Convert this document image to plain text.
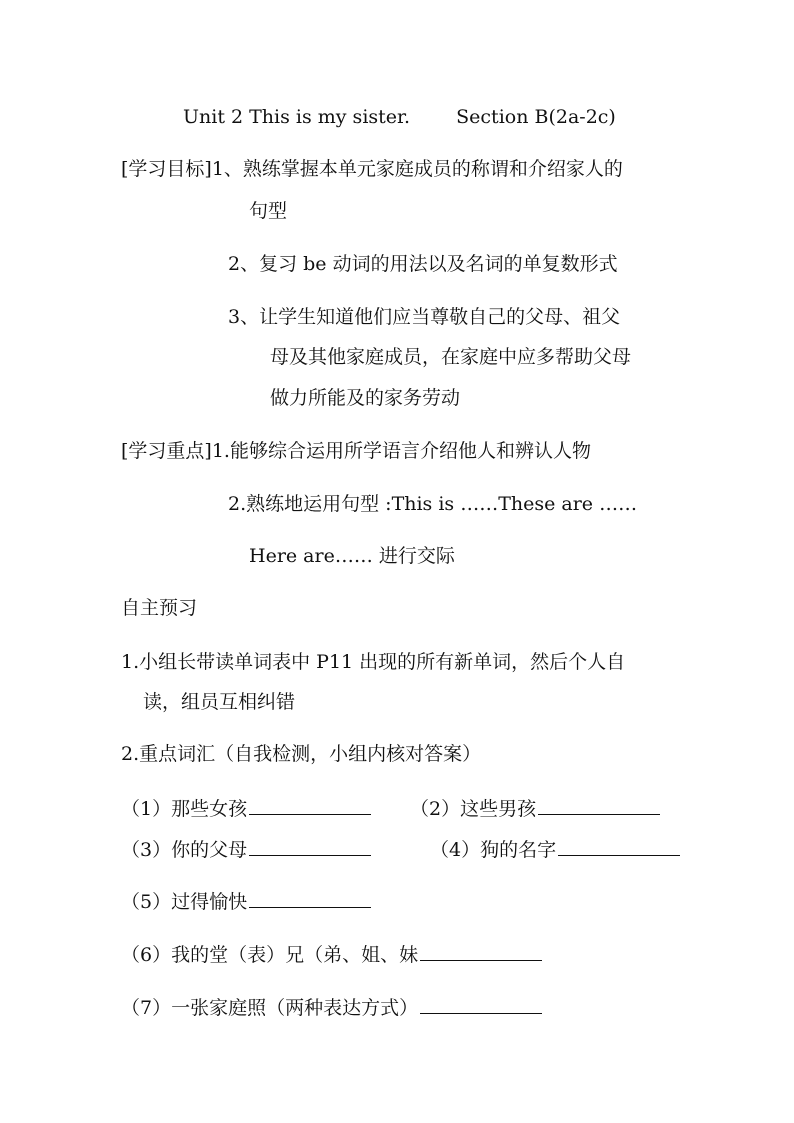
Unit 2 This is my sister. Section B(2a-2c)
[学习目标]1、熟练掌握本单元家庭成员的称谓和介绍家人的
句型
2、复习 be 动词的用法以及名词的单复数形式
3、让学生知道他们应当尊敬自己的父母、祖父
母及其他家庭成员，在家庭中应多帮助父母
做力所能及的家务劳动
[学习重点]1.能够综合运用所学语言介绍他人和辨认人物
2.熟练地运用句型 :This is ……These are ……
Here are…… 进行交际
自主预习
1.小组长带读单词表中 P11 出现的所有新单词，然后个人自
读，组员互相纠错
2.重点词汇（自我检测，小组内核对答案）
（1）那些女孩	（2）这些男孩
（3）你的父母	（4）狗的名字
（5）过得愉快
（6）我的堂（表）兄（弟、姐、妹
（7）一张家庭照（两种表达方式）
